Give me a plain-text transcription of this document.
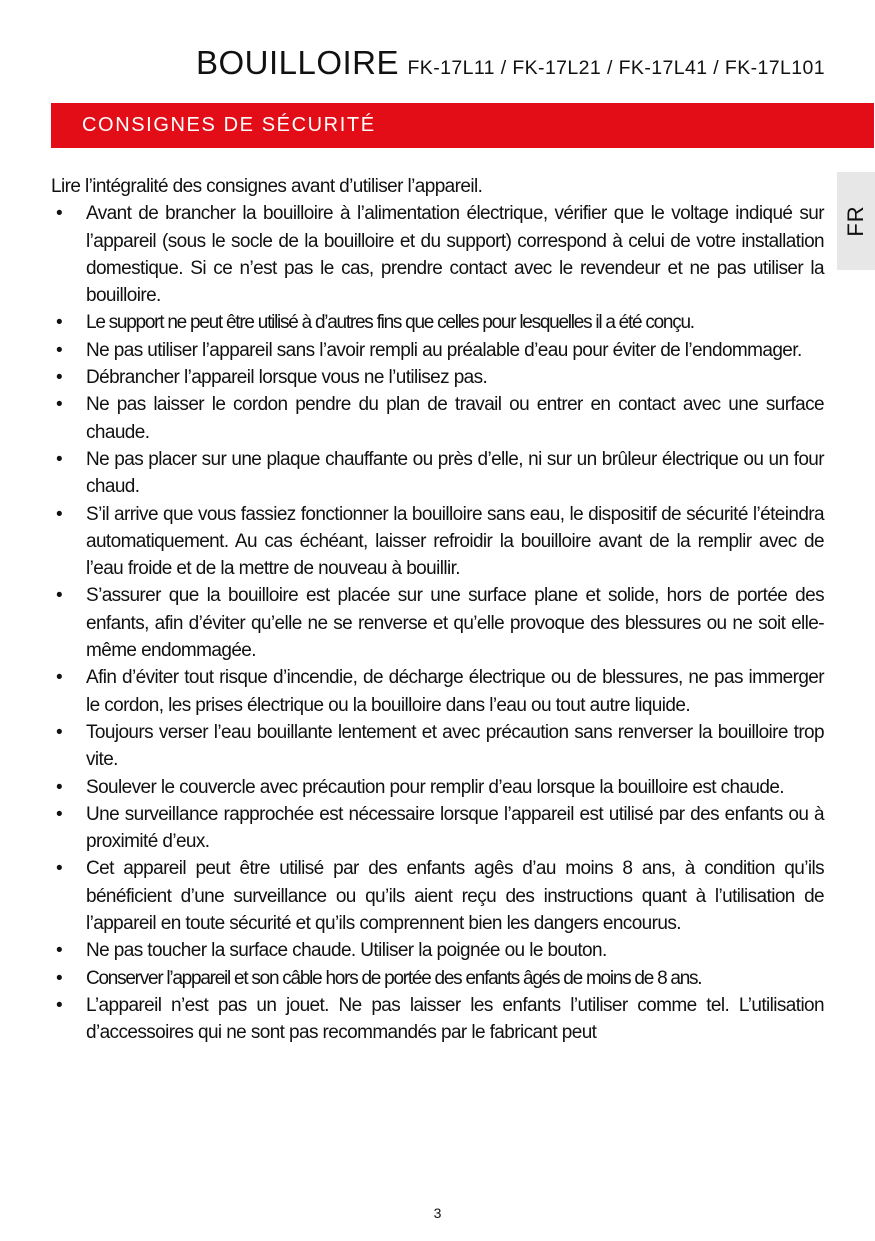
BOUILLOIRE FK-17L11 / FK-17L21 / FK-17L41 / FK-17L101
CONSIGNES DE SÉCURITÉ
FR

Lire l’intégralité des consignes avant d’utiliser l’appareil.

• Avant de brancher la bouilloire à l’alimentation électrique, vérifier que le voltage indiqué sur l’appareil (sous le socle de la bouilloire et du support) correspond à celui de votre installation domestique. Si ce n’est pas le cas, prendre contact avec le revendeur et ne pas utiliser la bouilloire.
• Le support ne peut être utilisé à d’autres fins que celles pour lesquelles il a été conçu.
• Ne pas utiliser l’appareil sans l’avoir rempli au préalable d’eau pour éviter de l’endommager.
• Débrancher l’appareil lorsque vous ne l’utilisez pas.
• Ne pas laisser le cordon pendre du plan de travail ou entrer en contact avec une surface chaude.
• Ne pas placer sur une plaque chauffante ou près d’elle, ni sur un brûleur électrique ou un four chaud.
• S’il arrive que vous fassiez fonctionner la bouilloire sans eau, le dispositif de sécurité l’éteindra automatiquement. Au cas échéant, laisser refroidir la bouilloire avant de la remplir avec de l’eau froide et de la mettre de nouveau à bouillir.
• S’assurer que la bouilloire est placée sur une surface plane et solide, hors de portée des enfants, afin d’éviter qu’elle ne se renverse et qu’elle provoque des blessures ou ne soit elle-même endommagée.
• Afin d’éviter tout risque d’incendie, de décharge électrique ou de blessures, ne pas immerger le cordon, les prises électrique ou la bouilloire dans l’eau ou tout autre liquide.
• Toujours verser l’eau bouillante lentement et avec précaution sans renverser la bouilloire trop vite.
• Soulever le couvercle avec précaution pour remplir d’eau lorsque la bouilloire est chaude.
• Une surveillance rapprochée est nécessaire lorsque l’appareil est utilisé par des enfants ou à proximité d’eux.
• Cet appareil peut être utilisé par des enfants agês d’au moins 8 ans, à condition qu’ils bénéficient d’une surveillance ou qu’ils aient reçu des instructions quant à l’utilisation de l’appareil en toute sécurité et qu’ils comprennent bien les dangers encourus.
• Ne pas toucher la surface chaude. Utiliser la poignée ou le bouton.
• Conserver l’appareil et son câble hors de portée des enfants âgés de moins de 8 ans.
• L’appareil n’est pas un jouet. Ne pas laisser les enfants l’utiliser comme tel. L’utilisation d’accessoires qui ne sont pas recommandés par le fabricant peut
3
